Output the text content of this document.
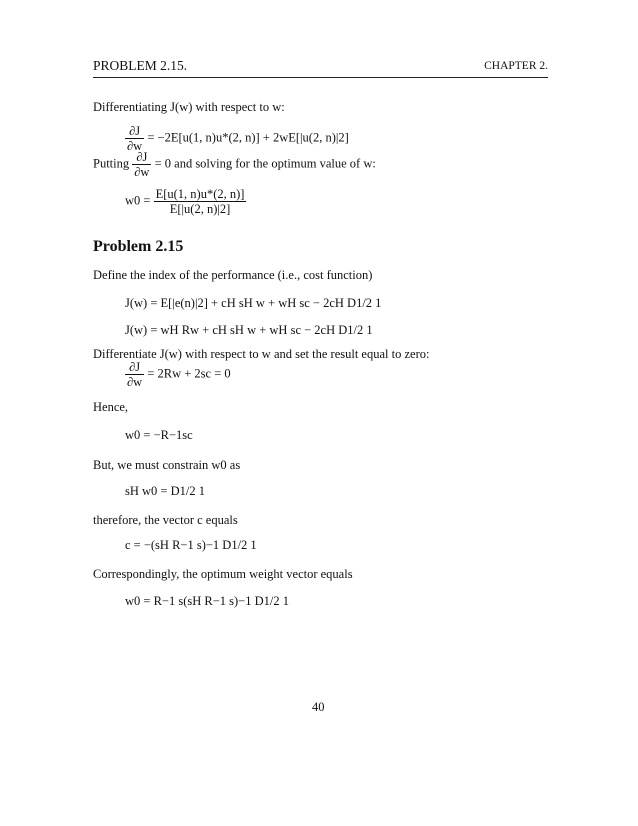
PROBLEM 2.15.	CHAPTER 2.
Differentiating J(w) with respect to w:
$\frac{\partial J}{\partial w} = -2E[u(1$, n)u*(2, n)] + 2wE[|u(2, n)|2]
Putting $\frac{\partial J}{\partial w} = 0$ and solving for the optimum value of w:
$w0 = \frac{E[u(1, n)u*(2, n)]}{E[|u(2, n)|2]}$
Problem 2.15
Define the index of the performance (i.e., cost function)
J(w) = E[|e(n)|2] + cH sH w + wH sc − 2cH D1/2 1
J(w) = wH Rw + cH sH w + wH sc − 2cH D1/2 1
Differentiate J(w) with respect to w and set the result equal to zero:
$\frac{\partial J}{\partial w} = 2Rw + 2sc = 0$
Hence,
w0 = −R−1sc
But, we must constrain w0 as
sH w0 = D1/2 1
therefore, the vector c equals
c = −(sH R−1 s)−1 D1/2 1
Correspondingly, the optimum weight vector equals
w0 = R−1 s(sH R−1 s)−1 D1/2 1
40
